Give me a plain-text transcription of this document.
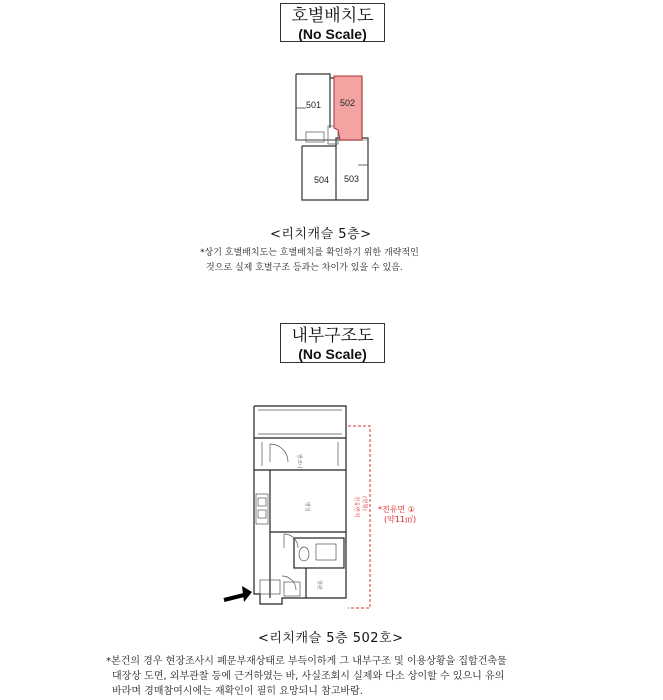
호별배치도
(No Scale)
501 502
504 503
<리치캐슬 5층>
*상기 호별배치도는 호별배치를 확인하기 위한 개략적인
것으로 실제 호별구조 등과는 차이가 있을 수 있음.
내부구조도
(No Scale)
발코니
방실
현관
전유면적 (현황) *전유면 ①
(약11㎡)
<리치캐슬 5층 502호>
*본건의 경우 현장조사시 폐문부재상태로 부득이하게 그 내부구조 및 이용상황을 집합건축물
대장상 도면, 외부관찰 등에 근거하였는 바, 사실조회시 실제와 다소 상이할 수 있으니 유의
바라며 경매참여시에는 재확인이 필히 요망되니 참고바람.
